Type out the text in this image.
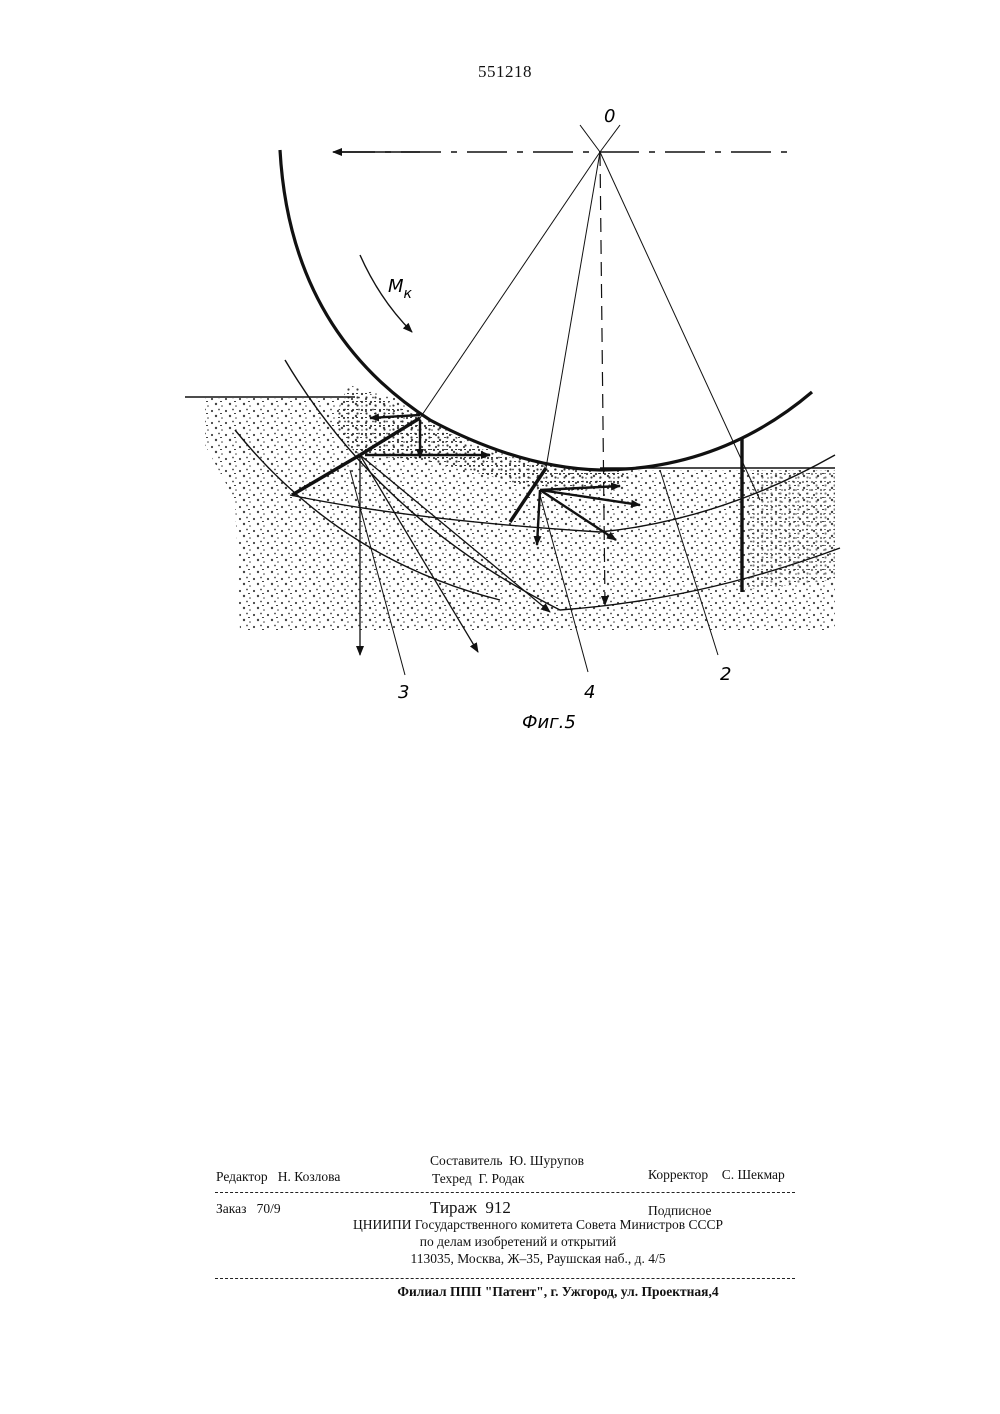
551218
0
$M_к$
3	4
2
Фиг.5
Составитель Ю. Шурупов
Редактор Н. Козлова	Техред Г. Родак	Корректор С. Шекмар
Заказ 70/9	Тираж 912	Подписное
ЦНИИПИ Государственного комитета Совета Министров СССР
по делам изобретений и открытий
113035, Москва, Ж–35, Раушская наб., д. 4/5
Филиал ППП "Патент", г. Ужгород, ул. Проектная,4
